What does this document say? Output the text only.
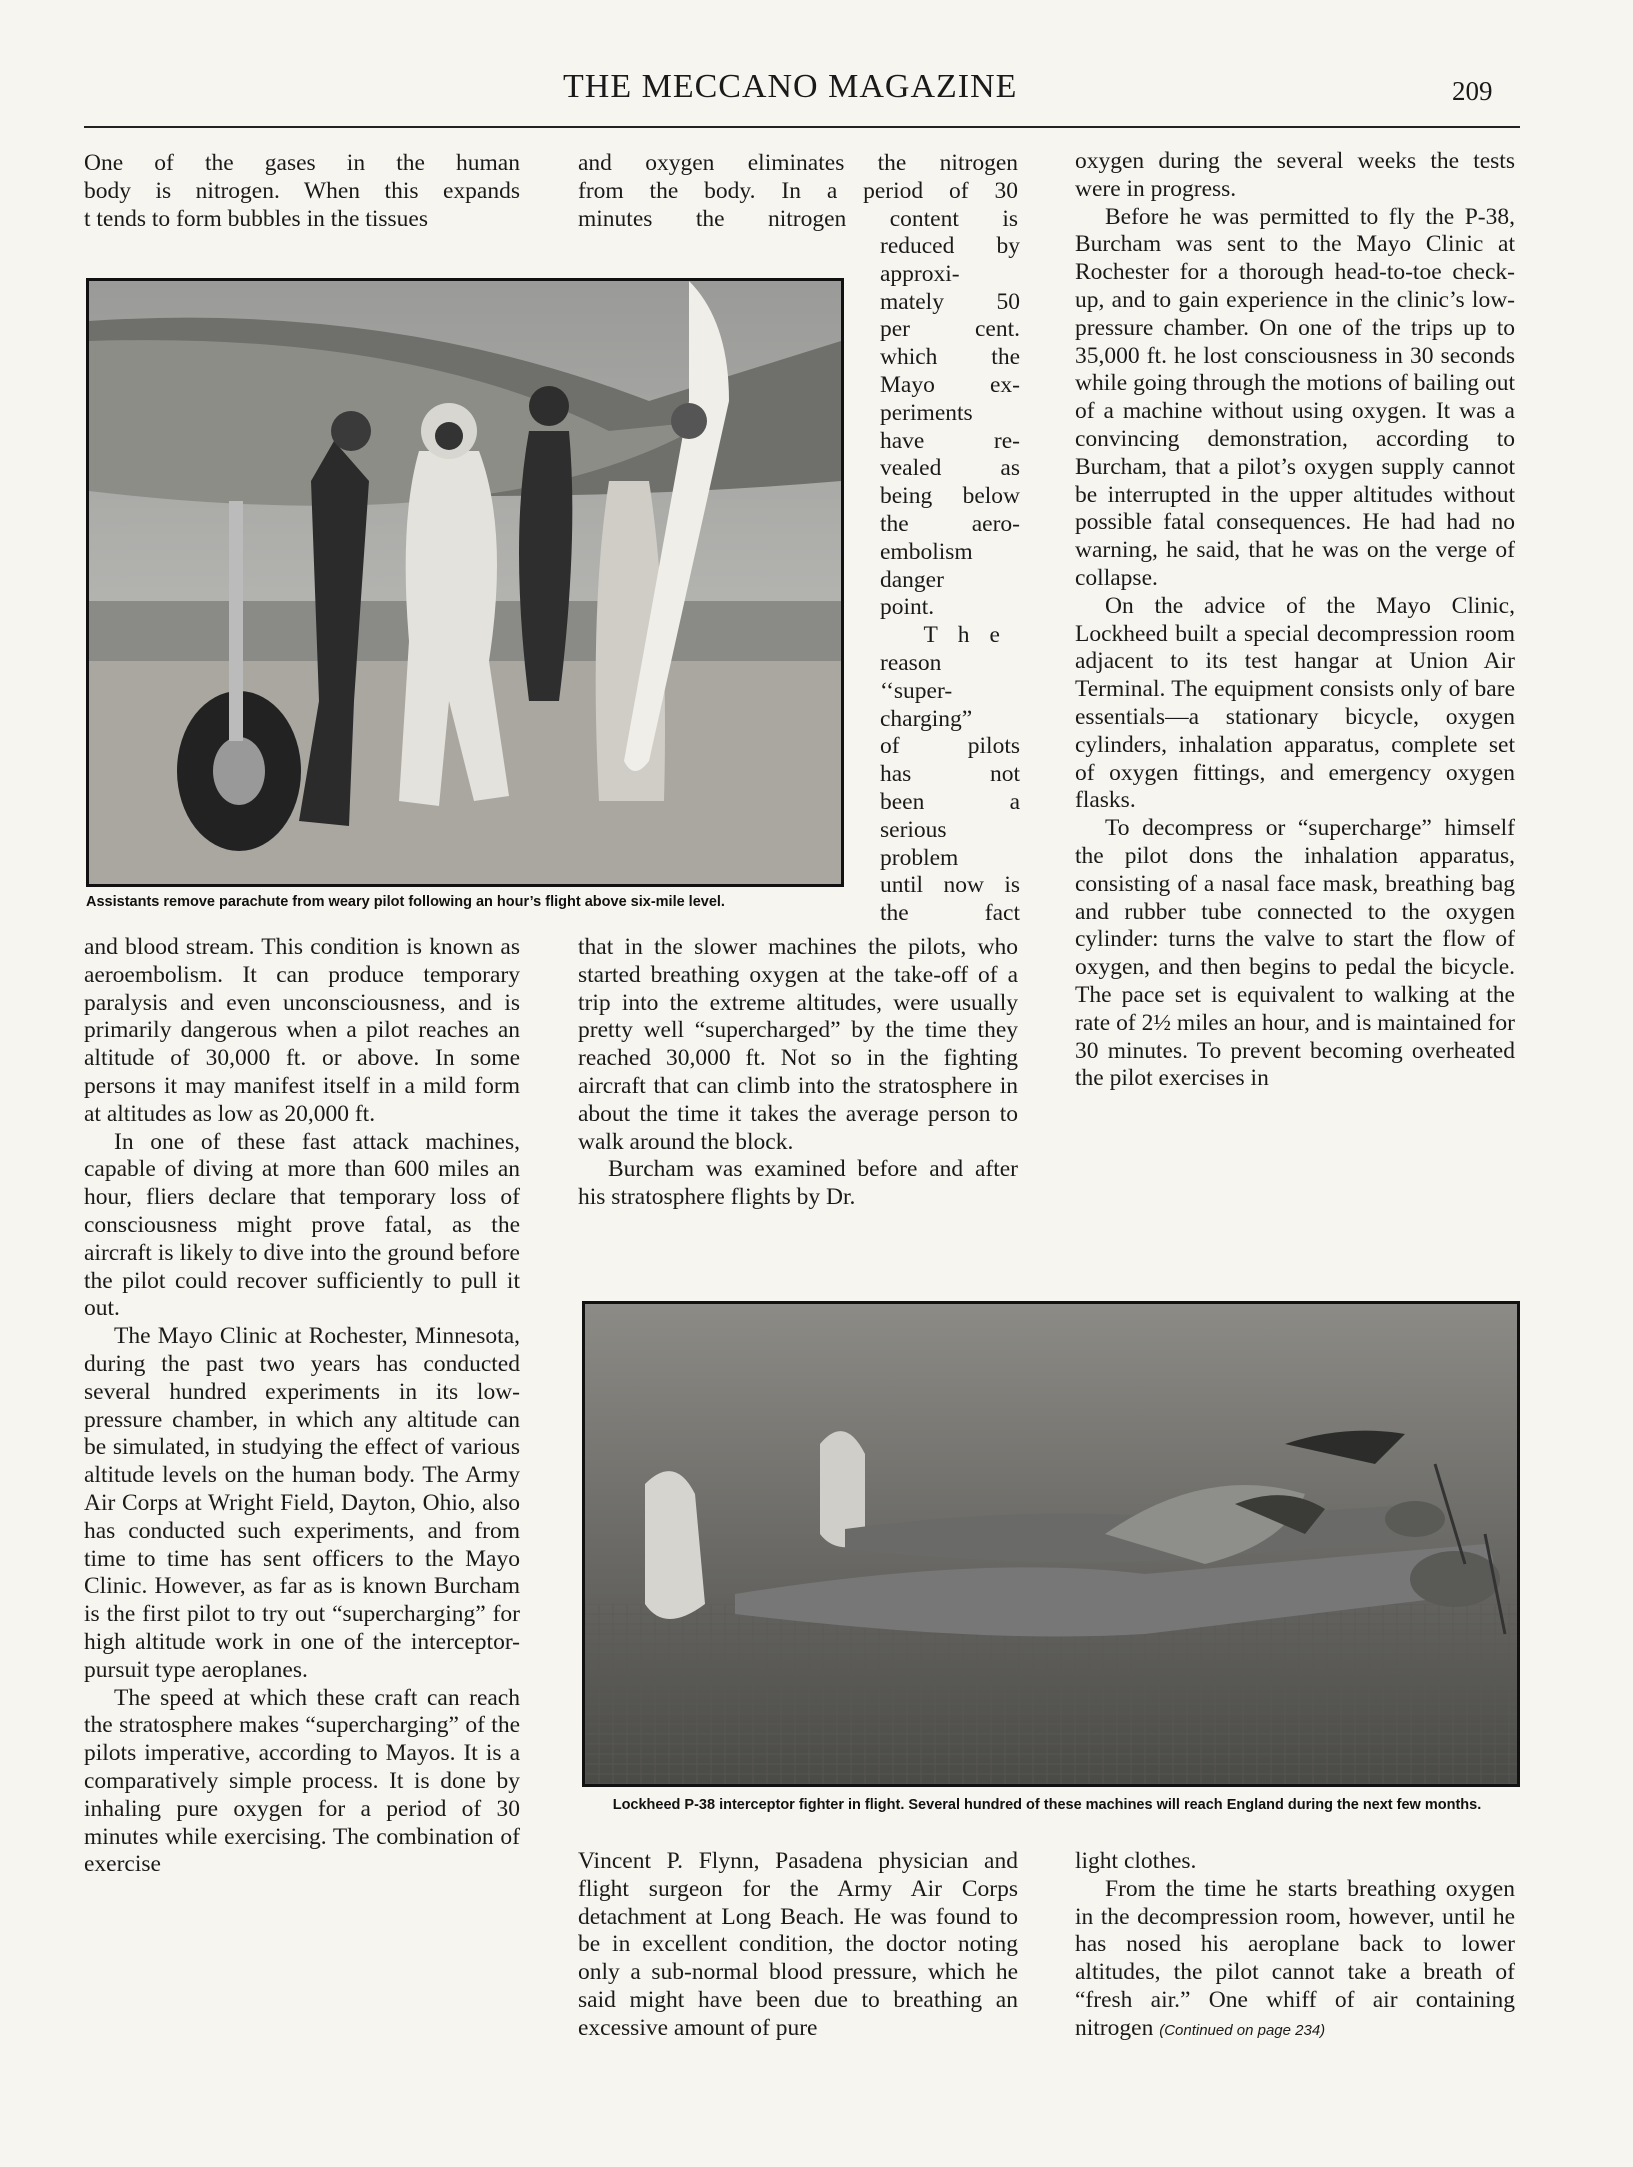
THE MECCANO MAGAZINE	209

One of the gases in the human

body is nitrogen. When this expands

t tends to form bubbles in the tissues

and oxygen eliminates the nitrogen

from the body. In a period of 30

minutes the nitrogen content is

Assistants remove parachute from weary pilot following an hour’s flight above six-mile level.
reduced by
approxi-
mately 50
per cent.
which the
Mayo ex-
periments
have re-
vealed as
being below
the aero-
embolism
danger
point.
The
reason
‘‘super-
charging”
of pilots
has not
been a
serious
problem
until now is
the fact

and blood stream. This condition is known as aeroembolism. It can produce temporary paralysis and even unconsciousness, and is primarily dangerous when a pilot reaches an altitude of 30,000 ft. or above. In some persons it may manifest itself in a mild form at altitudes as low as 20,000 ft.

In one of these fast attack machines, capable of diving at more than 600 miles an hour, fliers declare that temporary loss of consciousness might prove fatal, as the aircraft is likely to dive into the ground before the pilot could recover sufficiently to pull it out.

The Mayo Clinic at Rochester, Minnesota, during the past two years has conducted several hundred experiments in its low-pressure chamber, in which any altitude can be simulated, in studying the effect of various altitude levels on the human body. The Army Air Corps at Wright Field, Dayton, Ohio, also has conducted such experiments, and from time to time has sent officers to the Mayo Clinic. However, as far as is known Burcham is the first pilot to try out “supercharging” for high altitude work in one of the interceptor-pursuit type aeroplanes.

The speed at which these craft can reach the stratosphere makes “supercharging” of the pilots imperative, according to Mayos. It is a comparatively simple process. It is done by inhaling pure oxygen for a period of 30 minutes while exercising. The combination of exercise

that in the slower machines the pilots, who started breathing oxygen at the take-off of a trip into the extreme altitudes, were usually pretty well “supercharged” by the time they reached 30,000 ft. Not so in the fighting aircraft that can climb into the stratosphere in about the time it takes the average person to walk around the block.

Burcham was examined before and after his stratosphere flights by Dr.

oxygen during the several weeks the tests were in progress.

Before he was permitted to fly the P-38, Burcham was sent to the Mayo Clinic at Rochester for a thorough head-to-toe check-up, and to gain experience in the clinic’s low-pressure chamber. On one of the trips up to 35,000 ft. he lost consciousness in 30 seconds while going through the motions of bailing out of a machine without using oxygen. It was a convincing demonstration, according to Burcham, that a pilot’s oxygen supply cannot be interrupted in the upper altitudes without possible fatal consequences. He had had no warning, he said, that he was on the verge of collapse.

On the advice of the Mayo Clinic, Lockheed built a special decompression room adjacent to its test hangar at Union Air Terminal. The equipment consists only of bare essentials—a stationary bicycle, oxygen cylinders, inhalation apparatus, complete set of oxygen fittings, and emergency oxygen flasks.

To decompress or “supercharge” himself the pilot dons the inhalation apparatus, consisting of a nasal face mask, breathing bag and rubber tube connected to the oxygen cylinder: turns the valve to start the flow of oxygen, and then begins to pedal the bicycle. The pace set is equivalent to walking at the rate of 2½ miles an hour, and is maintained for 30 minutes. To prevent becoming overheated the pilot exercises in

Lockheed P-38 interceptor fighter in flight. Several hundred of these machines will reach England during the next few months.

Vincent P. Flynn, Pasadena physician and flight surgeon for the Army Air Corps detachment at Long Beach. He was found to be in excellent condition, the doctor noting only a sub-normal blood pressure, which he said might have been due to breathing an excessive amount of pure

light clothes.

From the time he starts breathing oxygen in the decompression room, however, until he has nosed his aeroplane back to lower altitudes, the pilot cannot take a breath of “fresh air.” One whiff of air containing nitrogen (Continued on page 234)
